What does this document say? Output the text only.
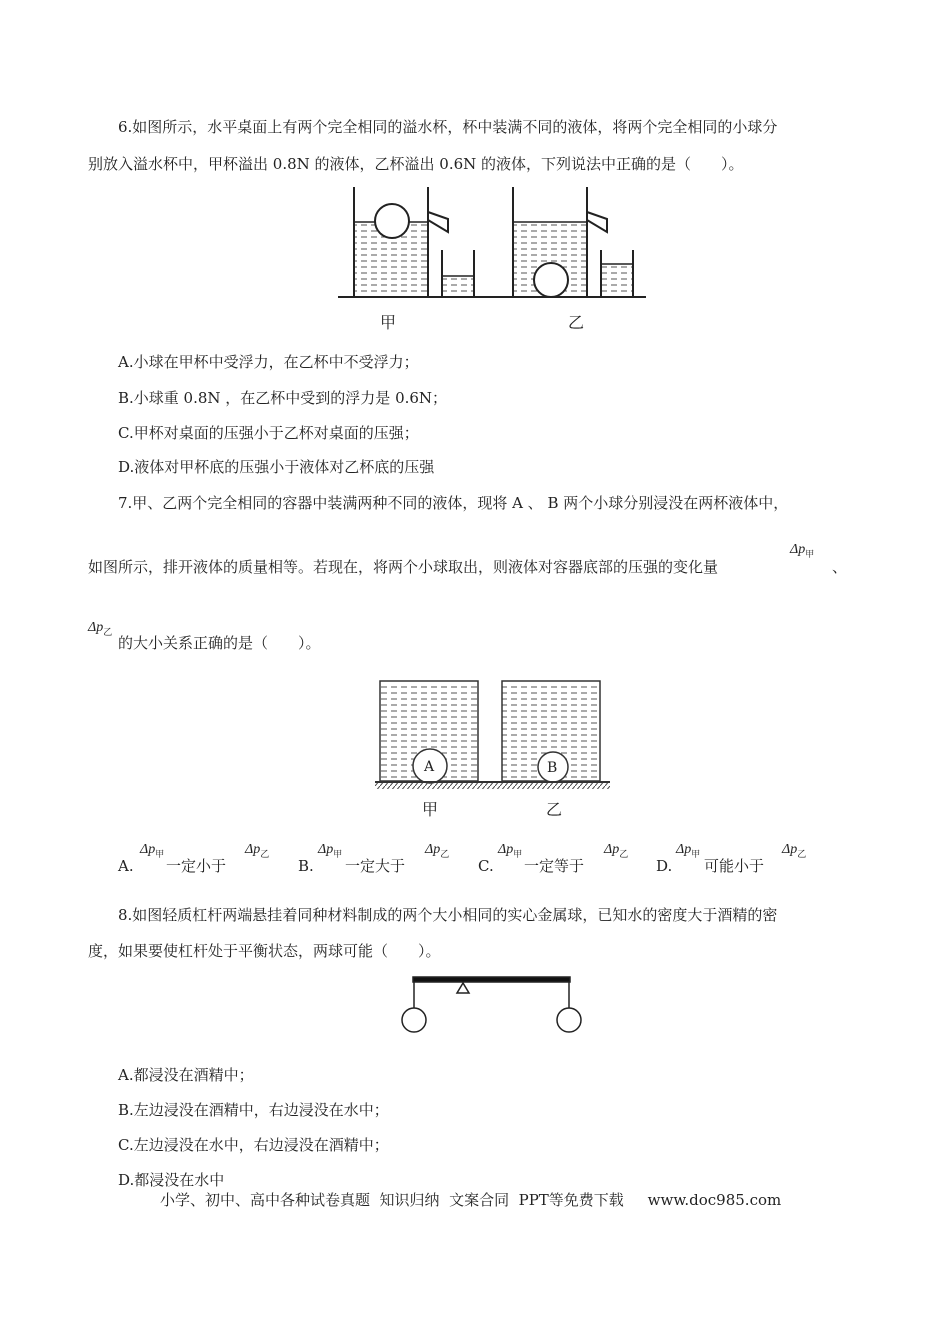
6.如图所示，水平桌面上有两个完全相同的溢水杯，杯中装满不同的液体，将两个完全相同的小球分
别放入溢水杯中，甲杯溢出 0.8N 的液体，乙杯溢出 0.6N 的液体，下列说法中正确的是（　　）。
甲	乙
A.小球在甲杯中受浮力，在乙杯中不受浮力；
B.小球重 0.8N ，在乙杯中受到的浮力是 0.6N；
C.甲杯对桌面的压强小于乙杯对桌面的压强；
D.液体对甲杯底的压强小于液体对乙杯底的压强
7.甲、乙两个完全相同的容器中装满两种不同的液体，现将 A 、 B 两个小球分别浸没在两杯液体中，
如图所示，排开液体的质量相等。若现在，将两个小球取出，则液体对容器底部的压强的变化量
$\Delta p_甲$
、
$\Delta p_乙$
的大小关系正确的是（　　）。
A	B
甲	乙
A.
$\Delta p_甲$
一定小于
$\Delta p_乙$
B.
$\Delta p_甲$
一定大于
$\Delta p_乙$
C.
$\Delta p_甲$
一定等于
$\Delta p_乙$
D.
$\Delta p_甲$
可能小于
$\Delta p_乙$
8.如图轻质杠杆两端悬挂着同种材料制成的两个大小相同的实心金属球，已知水的密度大于酒精的密
度，如果要使杠杆处于平衡状态，两球可能（　　）。
A.都浸没在酒精中；
B.左边浸没在酒精中，右边浸没在水中；
C.左边浸没在水中，右边浸没在酒精中；
D.都浸没在水中
小学、初中、高中各种试卷真题  知识归纳  文案合同  PPT等免费下载     www.doc985.com
